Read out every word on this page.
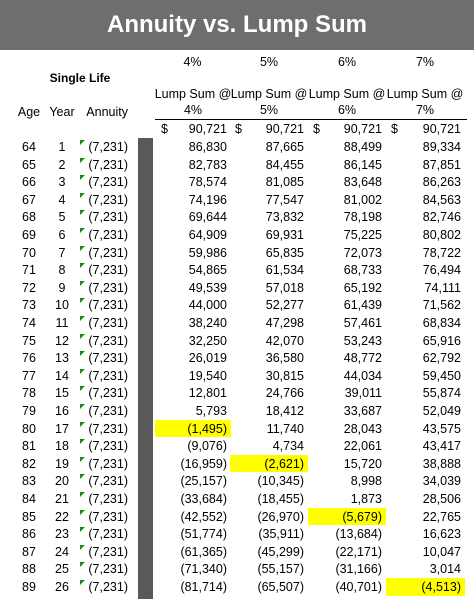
Annuity vs. Lump Sum
4%	5%	6%	7%
Single Life
Lump Sum @
4%
Lump Sum @
5%
Lump Sum @
6%
Lump Sum @
7%
Age Year Annuity
$	90,721 $	90,721 $	90,721 $	90,721
64	1	(7,231)	86,830	87,665	88,499	89,334
65	2	(7,231)	82,783	84,455	86,145	87,851
66	3	(7,231)	78,574	81,085	83,648	86,263
67	4	(7,231)	74,196	77,547	81,002	84,563
68	5	(7,231)	69,644	73,832	78,198	82,746
69	6	(7,231)	64,909	69,931	75,225	80,802
70	7	(7,231)	59,986	65,835	72,073	78,722
71	8	(7,231)	54,865	61,534	68,733	76,494
72	9	(7,231)	49,539	57,018	65,192	74,111
73	10	(7,231)	44,000	52,277	61,439	71,562
74	11	(7,231)	38,240	47,298	57,461	68,834
75	12	(7,231)	32,250	42,070	53,243	65,916
76	13	(7,231)	26,019	36,580	48,772	62,792
77	14	(7,231)	19,540	30,815	44,034	59,450
78	15	(7,231)	12,801	24,766	39,011	55,874
79	16	(7,231)	5,793	18,412	33,687	52,049
80	17	(7,231)	(1,495)	11,740	28,043	43,575
81	18	(7,231)	(9,076)	4,734	22,061	43,417
82	19	(7,231)	(16,959)	(2,621)	15,720	38,888
83	20	(7,231)	(25,157)	(10,345)	8,998	34,039
84	21	(7,231)	(33,684)	(18,455)	1,873	28,506
85	22	(7,231)	(42,552)	(26,970)	(5,679)	22,765
86	23	(7,231)	(51,774)	(35,911)	(13,684)	16,623
87	24	(7,231)	(61,365)	(45,299)	(22,171)	10,047
88	25	(7,231)	(71,340)	(55,157)	(31,166)	3,014
89	26	(7,231)	(81,714)	(65,507)	(40,701)	(4,513)
